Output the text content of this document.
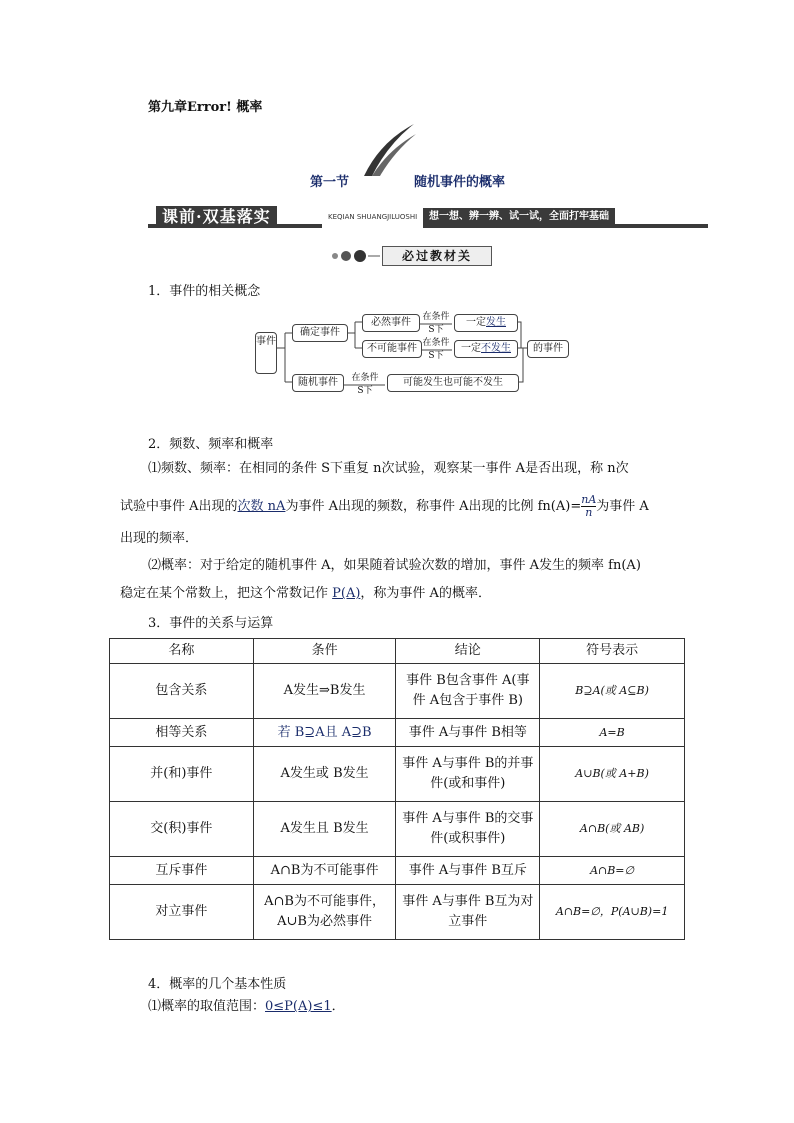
第九章Error! 概率
第一节	随机事件的概率
课前·双基落实	KEQIAN SHUANGJILUOSHI	想一想、辨一辨、试一试，全面打牢基础
必过教材关
1．事件的相关概念
事件
确定事件
必然事件
不可能事件
在条件
S下
在条件
S下
一定发生
一定不发生	的事件
随机事件	在条件
S下
可能发生也可能不发生
2．频数、频率和概率
⑴频数、频率：在相同的条件 S下重复 n次试验，观察某一事件 A是否出现，称 n次
试验中事件 A出现的次数 nA为事件 A出现的频数，称事件 A出现的比例 $fn(A)= \frac{nA}{n}$ 为事件 A
出现的频率．
⑵概率：对于给定的随机事件 A，如果随着试验次数的增加，事件 A发生的频率 fn(A)
稳定在某个常数上，把这个常数记作 P(A)，称为事件 A的概率．
3．事件的关系与运算
名称	条件	结论	符号表示
包含关系	A发生⇒B发生	事件 B包含事件 A(事件 A包含于事件 B)	B⊇A(或 A⊆B)
相等关系	若 B⊇A且 A⊇B	事件 A与事件 B相等	A=B
并(和)事件	A发生或 B发生	事件 A与事件 B的并事件(或和事件)	A∪B(或 A+B)
交(积)事件	A发生且 B发生	事件 A与事件 B的交事件(或积事件)	A∩B(或 AB)
互斥事件	A∩B为不可能事件	事件 A与事件 B互斥	A∩B=∅
对立事件	A∩B为不可能事件，A∪B为必然事件	事件 A与事件 B互为对立事件	A∩B=∅，P(A∪B)=1
4．概率的几个基本性质
⑴概率的取值范围：0≤P(A)≤1．
